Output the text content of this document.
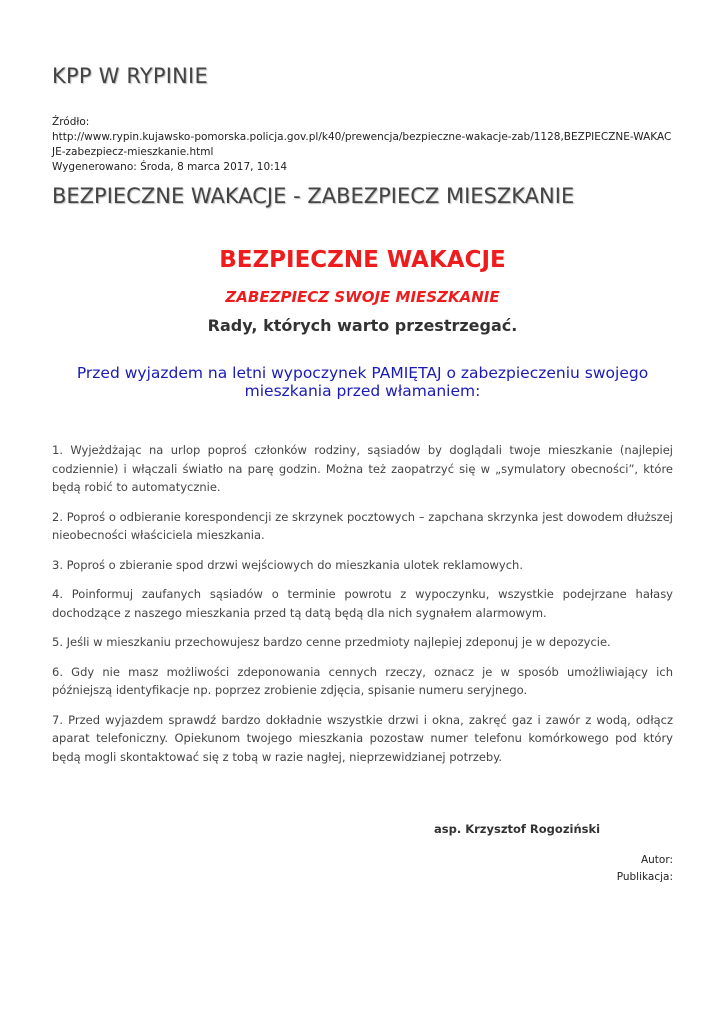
KPP W RYPINIE
Źródło:
http://www.rypin.kujawsko-pomorska.policja.gov.pl/k40/prewencja/bezpieczne-wakacje-zab/1128,BEZPIECZNE-WAKACJE-zabezpiecz-mieszkanie.html
Wygenerowano: Środa, 8 marca 2017, 10:14
BEZPIECZNE WAKACJE - ZABEZPIECZ MIESZKANIE
BEZPIECZNE WAKACJE
ZABEZPIECZ SWOJE MIESZKANIE
Rady, których warto przestrzegać.
Przed wyjazdem na letni wypoczynek PAMIĘTAJ o zabezpieczeniu swojego
mieszkania przed włamaniem:

1. Wyjeżdżając na urlop poproś członków rodziny, sąsiadów by doglądali twoje mieszkanie (najlepiej codziennie) i włączali światło na parę godzin. Można też zaopatrzyć się w „symulatory obecności”, które będą robić to automatycznie.

2. Poproś o odbieranie korespondencji ze skrzynek pocztowych – zapchana skrzynka jest dowodem dłuższej nieobecności właściciela mieszkania.

3. Poproś o zbieranie spod drzwi wejściowych do mieszkania ulotek reklamowych.

4. Poinformuj zaufanych sąsiadów o terminie powrotu z wypoczynku, wszystkie podejrzane hałasy dochodzące z naszego mieszkania przed tą datą będą dla nich sygnałem alarmowym.

5. Jeśli w mieszkaniu przechowujesz bardzo cenne przedmioty najlepiej zdeponuj je w depozycie.

6. Gdy nie masz możliwości zdeponowania cennych rzeczy, oznacz je w sposób umożliwiający ich późniejszą identyfikacje np. poprzez zrobienie zdjęcia, spisanie numeru seryjnego.

7. Przed wyjazdem sprawdź bardzo dokładnie wszystkie drzwi i okna, zakręć gaz i zawór z wodą, odłącz aparat telefoniczny. Opiekunom twojego mieszkania pozostaw numer telefonu komórkowego pod który będą mogli skontaktować się z tobą w razie nagłej, nieprzewidzianej potrzeby.

asp. Krzysztof Rogoziński
Autor:
Publikacja:
